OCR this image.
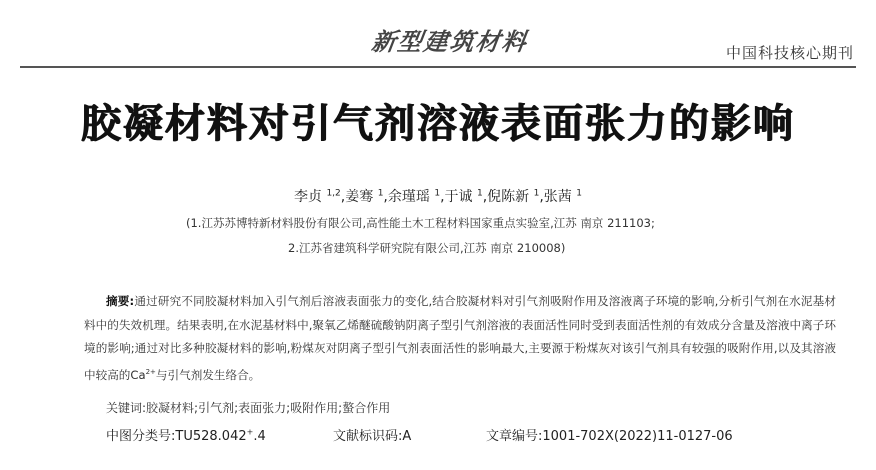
新型建筑材料	中国科技核心期刊
胶凝材料对引气剂溶液表面张力的影响
李贞 $^{1,2}$,姜骞 $^1$,余瑾瑶 $^1$,于诚 $^1$,倪陈新 $^1$,张茜 $^1$
(1.江苏苏博特新材料股份有限公司,高性能土木工程材料国家重点实验室,江苏 南京 211103;
2.江苏省建筑科学研究院有限公司,江苏 南京 210008)
摘要:通过研究不同胶凝材料加入引气剂后溶液表面张力的变化,结合胶凝材料对引气剂吸附作用及溶液离子环境的影响,分析引气剂在水泥基材料中的失效机理。结果表明,在水泥基材料中,聚氧乙烯醚硫酸钠阴离子型引气剂溶液的表面活性同时受到表面活性剂的有效成分含量及溶液中离子环境的影响;通过对比多种胶凝材料的影响,粉煤灰对阴离子型引气剂表面活性的影响最大,主要源于粉煤灰对该引气剂具有较强的吸附作用,以及其溶液中较高的$Ca^{2+}$与引气剂发生络合。
关键词:胶凝材料;引气剂;表面张力;吸附作用;螯合作用
中图分类号:TU528.042+.4	文献标识码:A	文章编号:1001-702X(2022)11-0127-06
